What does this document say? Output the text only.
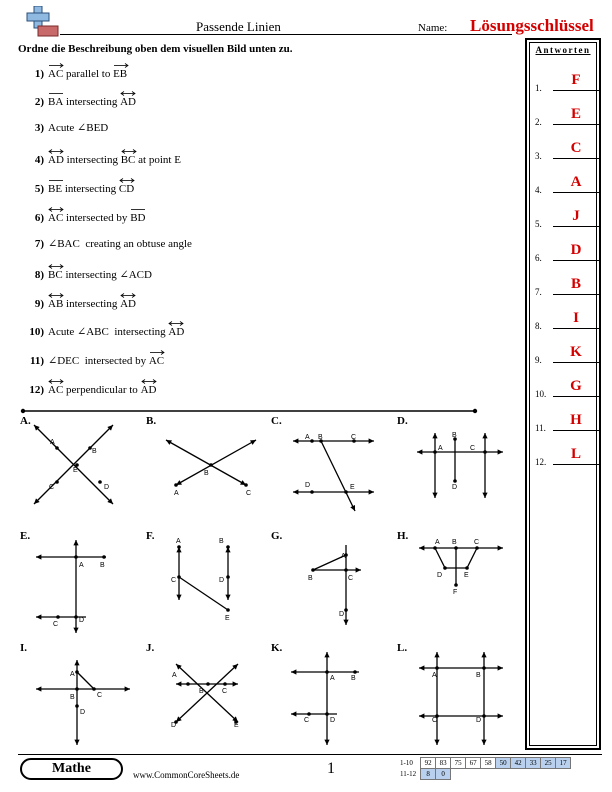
Passende Linien	Name: Lösungsschlüssel
Ordne die Beschreibung oben dem visuellen Bild unten zu.
1) AC parallel to
EB
2) BA intersecting
AD
3) Acute ∠BED
4) AD intersecting
BC at point E
5) BE intersecting
CD
6) AC intersected by
BD
7) ∠BAC  creating an obtuse angle
8) BC intersecting ∠ACD
9) AB intersecting
AD
10) Acute ∠ABC  intersecting
AD
11) ∠DEC  intersected by
AC
12) AC perpendicular to
AD
A
B
E
C	D
A.
A
B
C
B.
A B	C
D	E
C.
A
B
C
D
D.
A B
C
D
E.	A	B
C	D
E
F.
A
B	C
D
G.
A B C
D	E
F
H.
A
B	C
D
I.
A
B	C
D	E
J.
A B
C	D
K.
A	B
C	D
L.
Antworten
1.	F
2.	E
3.	C
4.	A
5.	J
6.	D
7.	B
8.	I
9.	K
10.	G
11.	H
12.	L
Mathe	www.CommonCoreSheets.de	1	1-10	92	83	75	67	58	50	42	33	25	17
11-12	8	0								
